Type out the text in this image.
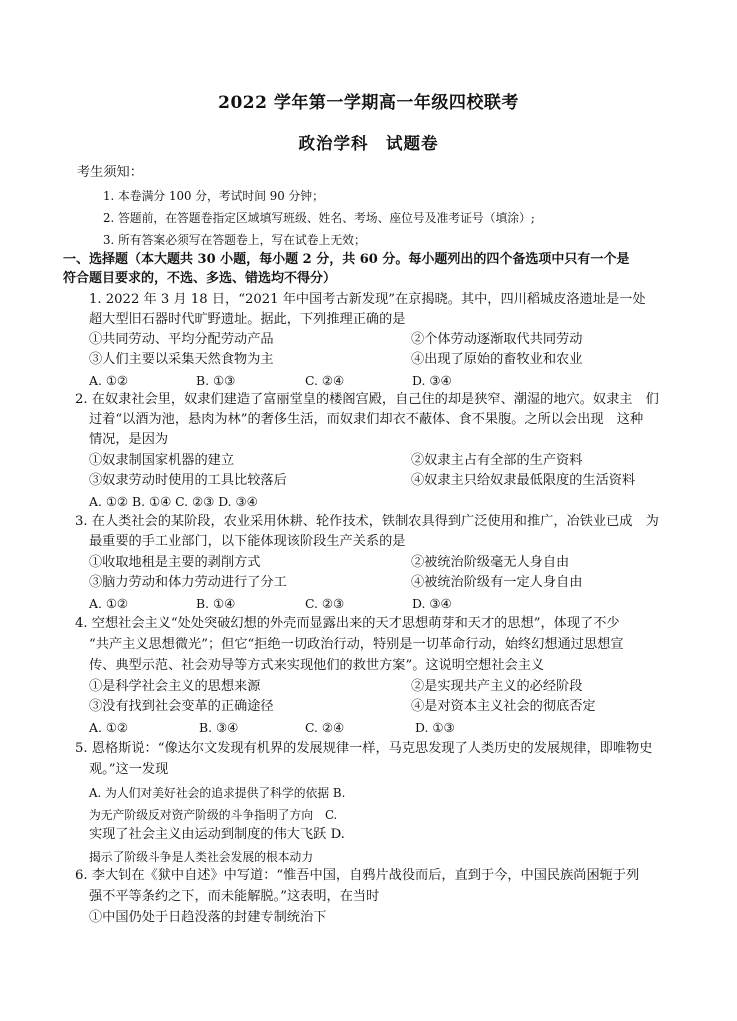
2022 学年第一学期高一年级四校联考
政治学科　试题卷
考生须知：
1. 本卷满分 100 分，考试时间 90 分钟；
2. 答题前，在答题卷指定区域填写班级、姓名、考场、座位号及准考证号（填涂）;
3. 所有答案必须写在答题卷上，写在试卷上无效；
一、选择题（本大题共 30 小题，每小题 2 分，共 60 分。每小题列出的四个备选项中只有一个是
符合题目要求的，不选、多选、错选均不得分）
1. 2022 年 3 月 18 日，“2021 年中国考古新发现”在京揭晓。其中，四川稻城皮洛遗址是一处
超大型旧石器时代旷野遗址。据此，下列推理正确的是
①共同劳动、平均分配劳动产品	②个体劳动逐渐取代共同劳动
③人们主要以采集天然食物为主	④出现了原始的畜牧业和农业
A. ①②	B. ①③	C. ②④	D. ③④
2. 在奴隶社会里，奴隶们建造了富丽堂皇的楼阁宫殿，自己住的却是狭窄、潮湿的地穴。奴隶主　们
过着“以酒为池，悬肉为林”的奢侈生活，而奴隶们却衣不蔽体、食不果腹。之所以会出现　这种
情况，是因为
①奴隶制国家机器的建立	②奴隶主占有全部的生产资料
③奴隶劳动时使用的工具比较落后	④奴隶主只给奴隶最低限度的生活资料
A. ①② B. ①④ C. ②③ D. ③④
3. 在人类社会的某阶段，农业采用休耕、轮作技术，铁制农具得到广泛使用和推广，冶铁业已成　为
最重要的手工业部门，以下能体现该阶段生产关系的是
①收取地租是主要的剥削方式	②被统治阶级毫无人身自由
③脑力劳动和体力劳动进行了分工	④被统治阶级有一定人身自由
A. ①②	B. ①④	C. ②③	D. ③④
4. 空想社会主义“处处突破幻想的外壳而显露出来的天才思想萌芽和天才的思想”，体现了不少
“共产主义思想微光”；但它“拒绝一切政治行动，特别是一切革命行动，始终幻想通过思想宣
传、典型示范、社会劝导等方式来实现他们的救世方案”。这说明空想社会主义
①是科学社会主义的思想来源	②是实现共产主义的必经阶段
③没有找到社会变革的正确途径	④是对资本主义社会的彻底否定
A. ①②	B. ③④	C. ②④	D. ①③
5. 恩格斯说：“像达尔文发现有机界的发展规律一样，马克思发现了人类历史的发展规律，即唯物史
观。”这一发现
A. 为人们对美好社会的追求提供了科学的依据 B.
为无产阶级反对资产阶级的斗争指明了方向　C.
实现了社会主义由运动到制度的伟大飞跃 D.
揭示了阶级斗争是人类社会发展的根本动力
6. 李大钊在《狱中自述》中写道：“惟吾中国，自鸦片战役而后，直到于今，中国民族尚困轭于列
强不平等条约之下，而未能解脱。”这表明，在当时
①中国仍处于日趋没落的封建专制统治下
